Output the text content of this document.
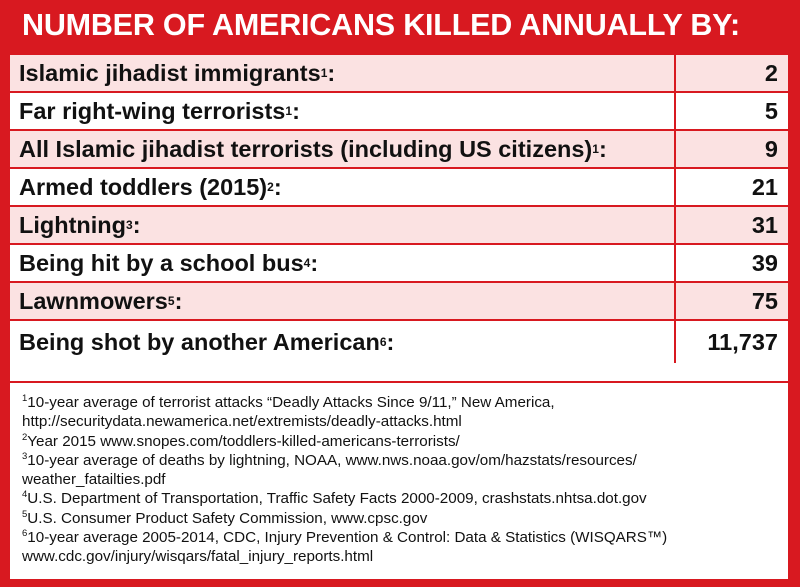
NUMBER OF AMERICANS KILLED ANNUALLY BY:
Islamic jihadist immigrants 1 :	2
Far right-wing terrorists 1 :	5
All Islamic jihadist terrorists (including US citizens) 1 :	9
Armed toddlers (2015) 2 :	21
Lightning 3 :	31
Being hit by a school bus 4 :	39
Lawnmowers 5 :	75
Being shot by another American 6 :	11,737
$^1$10-year average of terrorist attacks “Deadly Attacks Since 9/11,” New America,
http://securitydata.newamerica.net/extremists/deadly-attacks.html
$^2$Year 2015 www.snopes.com/toddlers-killed-americans-terrorists/
$^3$10-year average of deaths by lightning, NOAA, www.nws.noaa.gov/om/hazstats/resources/
weather_fatailties.pdf
$^4$U.S. Department of Transportation, Traffic Safety Facts 2000-2009, crashstats.nhtsa.dot.gov
$^5$U.S. Consumer Product Safety Commission, www.cpsc.gov
$^6$10-year average 2005-2014, CDC, Injury Prevention & Control: Data & Statistics (WISQARS™)
www.cdc.gov/injury/wisqars/fatal_injury_reports.html
